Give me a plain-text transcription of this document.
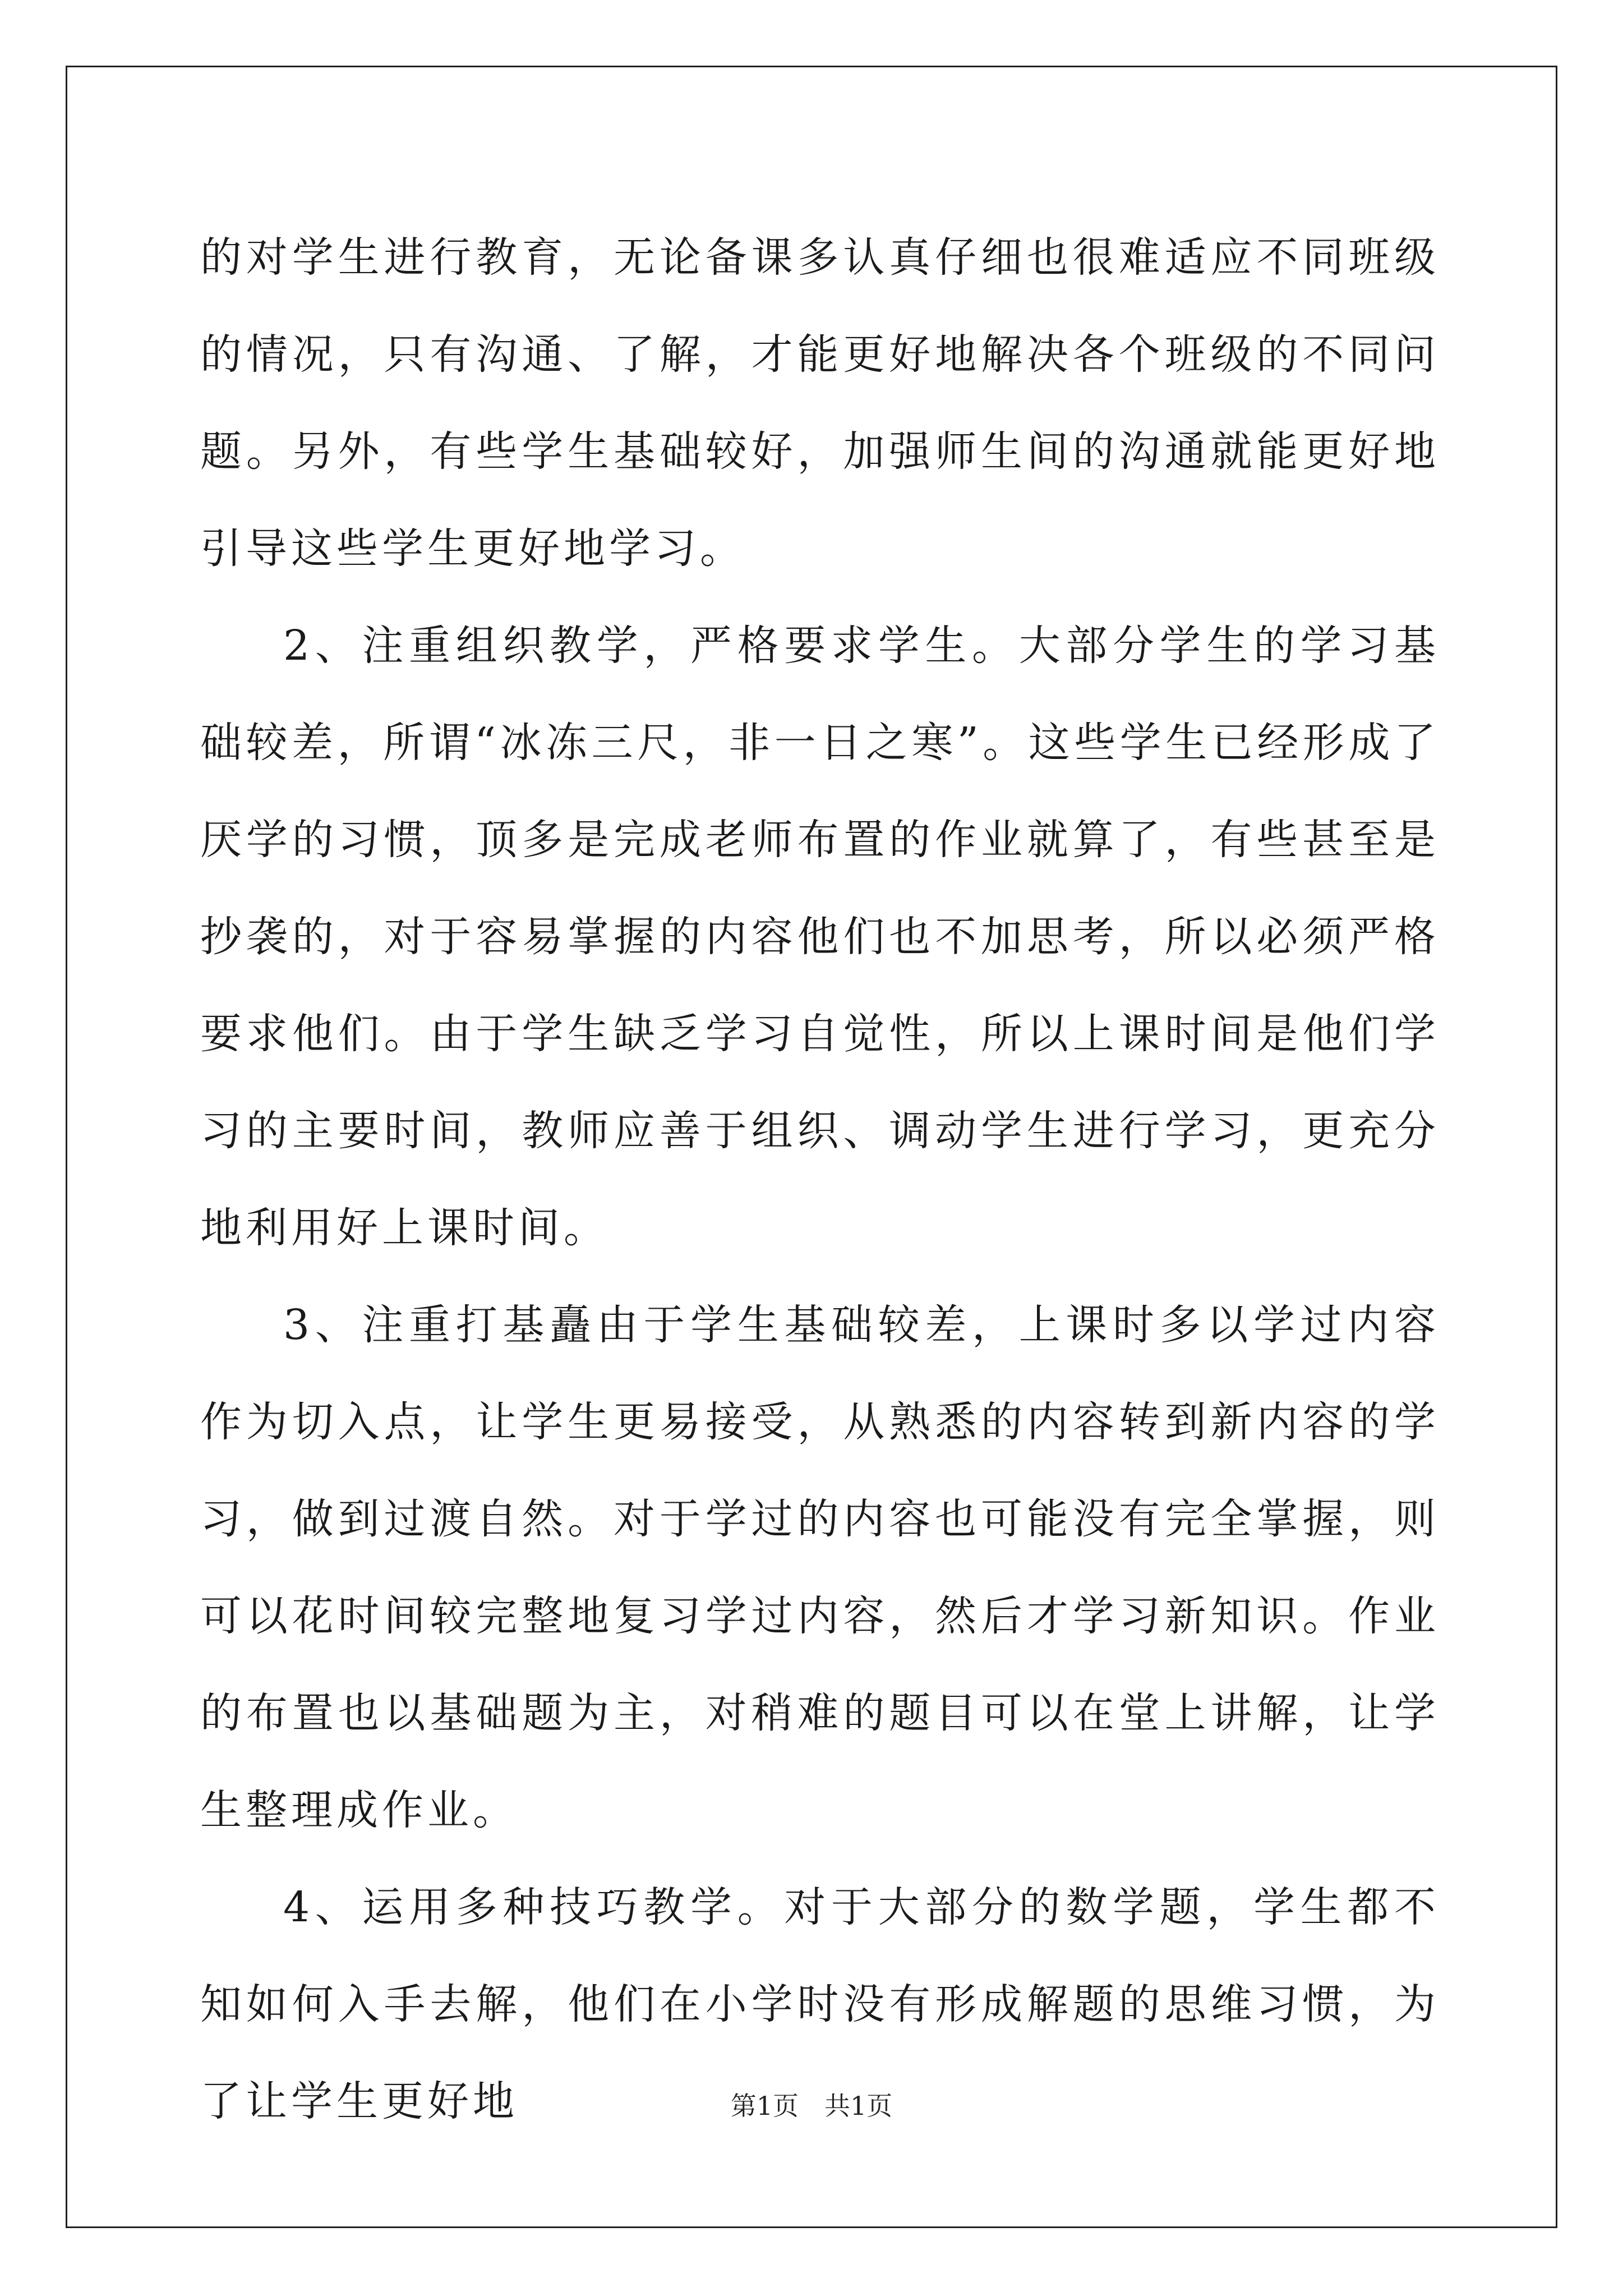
的对学生进行教育，无论备课多认真仔细也很难适应不同班级的情况，只有沟通、了解，才能更好地解决各个班级的不同问题。另外，有些学生基础较好，加强师生间的沟通就能更好地引导这些学生更好地学习。

2、注重组织教学，严格要求学生。大部分学生的学习基础较差，所谓“冰冻三尺，非一日之寒”。这些学生已经形成了厌学的习惯，顶多是完成老师布置的作业就算了，有些甚至是抄袭的，对于容易掌握的内容他们也不加思考，所以必须严格要求他们。由于学生缺乏学习自觉性，所以上课时间是他们学习的主要时间，教师应善于组织、调动学生进行学习，更充分地利用好上课时间。

3、注重打基矗由于学生基础较差，上课时多以学过内容作为切入点，让学生更易接受，从熟悉的内容转到新内容的学习，做到过渡自然。对于学过的内容也可能没有完全掌握，则可以花时间较完整地复习学过内容，然后才学习新知识。作业的布置也以基础题为主，对稍难的题目可以在堂上讲解，让学生整理成作业。

4、运用多种技巧教学。对于大部分的数学题，学生都不知如何入手去解，他们在小学时没有形成解题的思维习惯，为了让学生更好地	第1页　共1页
